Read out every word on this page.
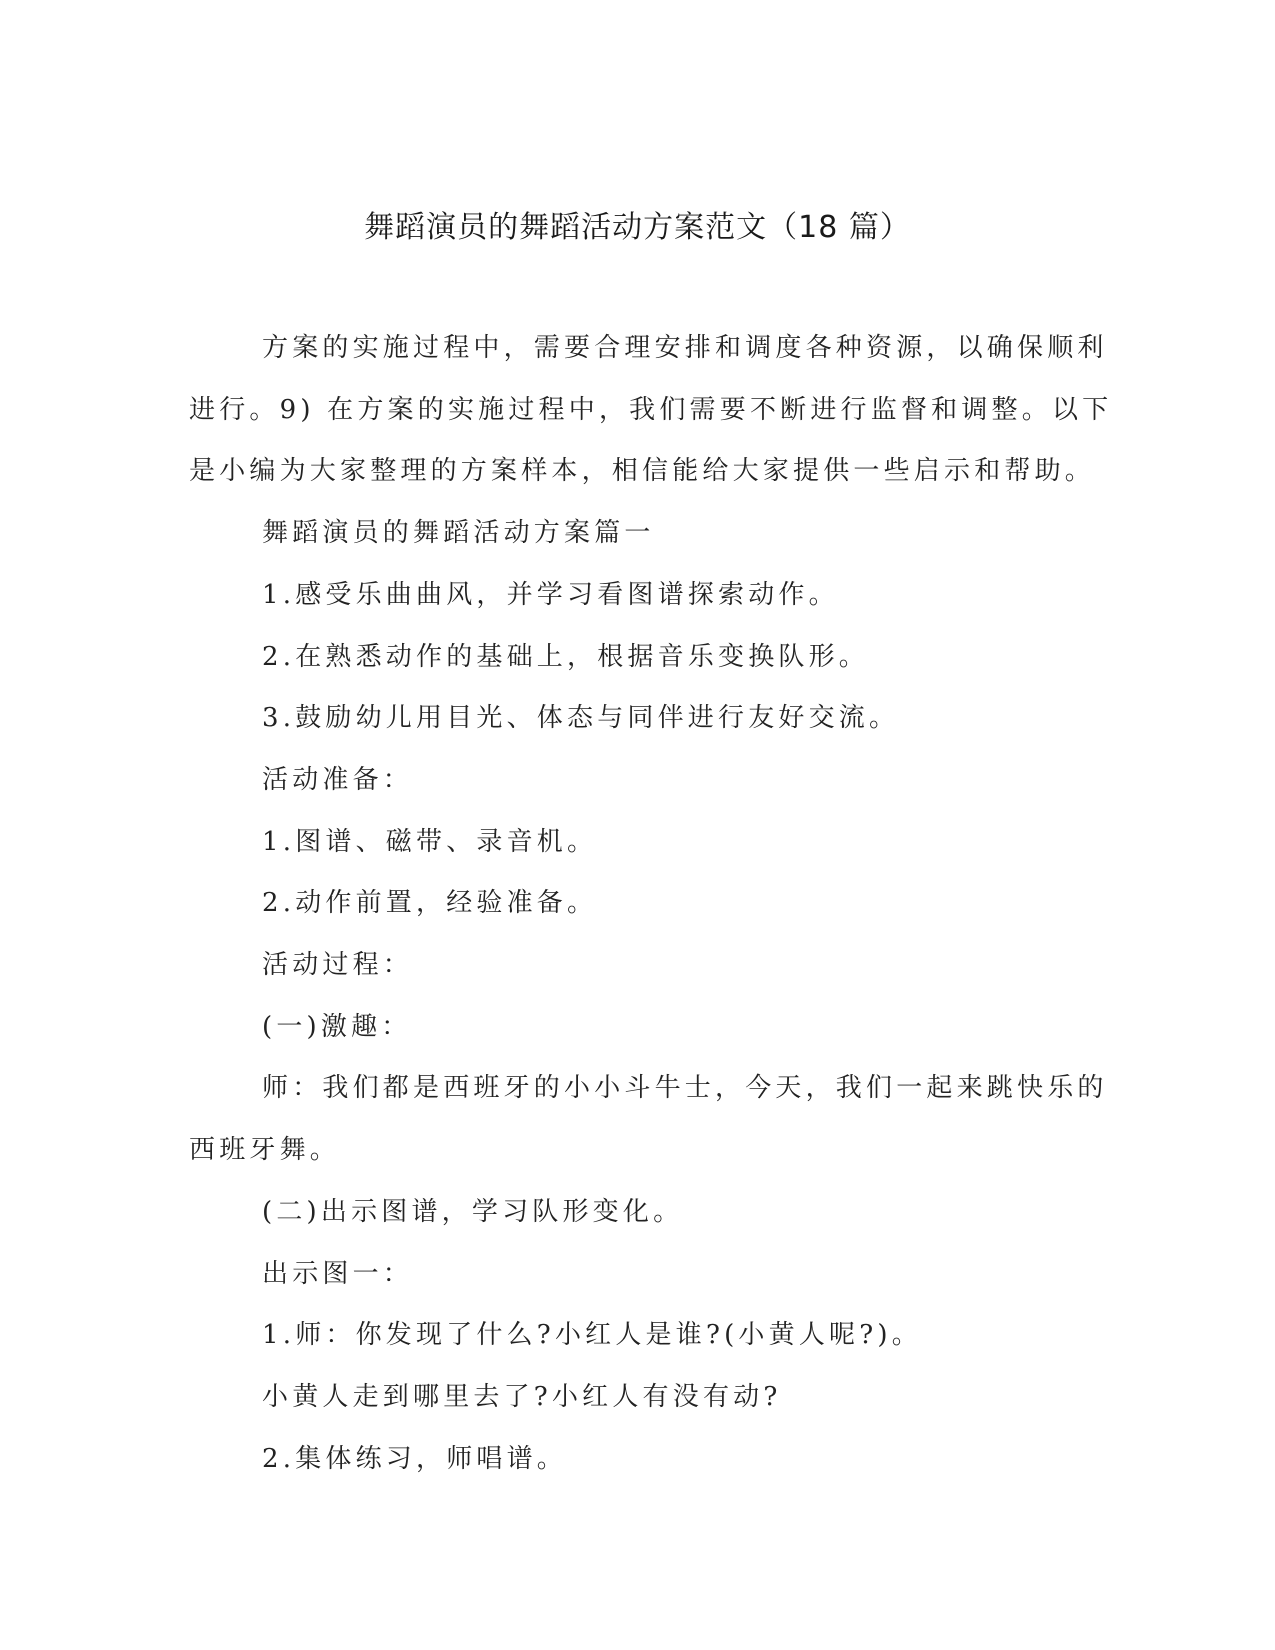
舞蹈演员的舞蹈活动方案范文（18 篇）

方案的实施过程中，需要合理安排和调度各种资源，以确保顺利

进行。9) 在方案的实施过程中，我们需要不断进行监督和调整。以下
是小编为大家整理的方案样本，相信能给大家提供一些启示和帮助。

舞蹈演员的舞蹈活动方案篇一

1.感受乐曲曲风，并学习看图谱探索动作。

2.在熟悉动作的基础上，根据音乐变换队形。

3.鼓励幼儿用目光、体态与同伴进行友好交流。

活动准备：

1.图谱、磁带、录音机。

2.动作前置，经验准备。

活动过程：

(一)激趣：

师：我们都是西班牙的小小斗牛士，今天，我们一起来跳快乐的

西班牙舞。

(二)出示图谱，学习队形变化。

出示图一：

1.师：你发现了什么?小红人是谁?(小黄人呢?)。

小黄人走到哪里去了?小红人有没有动?

2.集体练习，师唱谱。
